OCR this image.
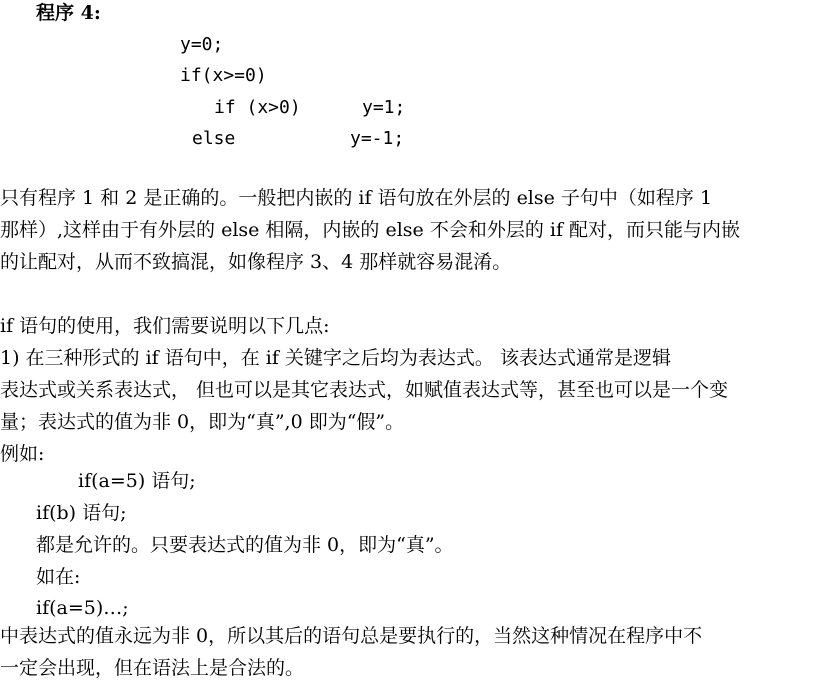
程序 4:
y=0;
if(x>=0)
if (x>0)	y=1;
else	y=-1;
只有程序 1 和 2 是正确的。一般把内嵌的 if 语句放在外层的 else 子句中（如程序 1
那样）,这样由于有外层的 else 相隔，内嵌的 else 不会和外层的 if 配对，而只能与内嵌
的让配对，从而不致搞混，如像程序 3、4 那样就容易混淆。
if 语句的使用，我们需要说明以下几点:
1) 在三种形式的 if 语句中，在 if 关键字之后均为表达式。 该表达式通常是逻辑
表达式或关系表达式， 但也可以是其它表达式，如赋值表达式等，甚至也可以是一个变
量；表达式的值为非 0，即为“真”,0 即为“假”。
例如:
if(a=5) 语句;
if(b) 语句;
都是允许的。只要表达式的值为非 0，即为“真”。
如在:
if(a=5)…;
中表达式的值永远为非 0，所以其后的语句总是要执行的，当然这种情况在程序中不
一定会出现，但在语法上是合法的。
